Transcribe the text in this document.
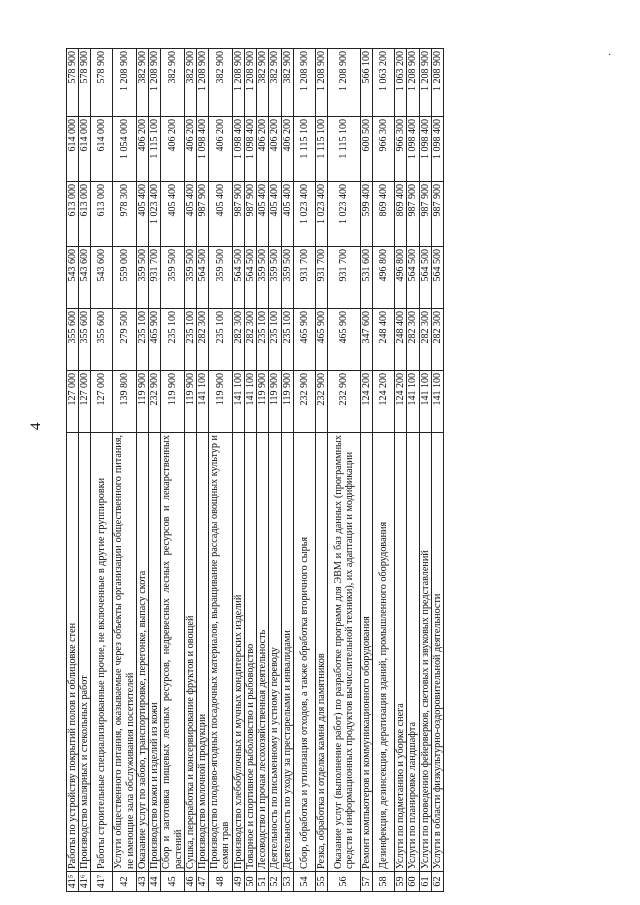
4
·
41⁵	Работы по устройству покрытий полов и облицовке стен	127 000	355 600	543 600	613 000	614 000	578 900
41⁶	Производство малярных и стекольных работ	127 000	355 600	543 600	613 000	614 000	578 900
41⁷	Работы строительные специализированные прочие, не включенные в другие группировки	127 000	355 600	543 600	613 000	614 000	578 900
42	Услуги общественного питания, оказываемые через объекты организации общественного питания, не имеющие зала обслуживания посетителей	139 800	279 500	559 000	978 300	1 054 000	1 208 900
43	Оказание услуг по забою, транспортировке, перегонке, выпасу скота	119 900	235 100	359 500	405 400	406 200	382 900
44	Производство кожи и изделий из кожи	232 900	465 900	931 700	1 023 400	1 115 100	1 208 900
45	Сбор и заготовка пищевых лесных ресурсов, недревесных лесных ресурсов и лекарственных растений	119 900	235 100	359 500	405 400	406 200	382 900
46	Сушка, переработка и консервирование фруктов и овощей	119 900	235 100	359 500	405 400	406 200	382 900
47	Производство молочной продукции	141 100	282 300	564 500	987 900	1 098 400	1 208 900
48	Производство плодово-ягодных посадочных материалов, выращивание рассады овощных культур и семян трав	119 900	235 100	359 500	405 400	406 200	382 900
49	Производство хлебобулочных и мучных кондитерских изделий	141 100	282 300	564 500	987 900	1 098 400	1 208 900
50	Товарное и спортивное рыболовство и рыбоводство	141 100	282 300	564 500	987 900	1 098 400	1 208 900
51	Лесоводство и прочая лесохозяйственная деятельность	119 900	235 100	359 500	405 400	406 200	382 900
52	Деятельность по письменному и устному переводу	119 900	235 100	359 500	405 400	406 200	382 900
53	Деятельность по уходу за престарелыми и инвалидами	119 900	235 100	359 500	405 400	406 200	382 900
54	Сбор, обработка и утилизация отходов, а также обработка вторичного сырья	232 900	465 900	931 700	1 023 400	1 115 100	1 208 900
55	Резка, обработка и отделка камня для памятников	232 900	465 900	931 700	1 023 400	1 115 100	1 208 900
56	Оказание услуг (выполнение работ) по разработке программ для ЭВМ и баз данных (программных средств и информационных продуктов вычислительной техники), их адаптации и модификации	232 900	465 900	931 700	1 023 400	1 115 100	1 208 900
57	Ремонт компьютеров и коммуникационного оборудования	124 200	347 600	531 600	599 400	600 500	566 100
58	Дезинфекция, дезинсекция, дератизация зданий, промышленного оборудования	124 200	248 400	496 800	869 400	966 300	1 063 200
59	Услуги по подметанию и уборке снега	124 200	248 400	496 800	869 400	966 300	1 063 200
60	Услуги по планировке ландшафта	141 100	282 300	564 500	987 900	1 098 400	1 208 900
61	Услуги по проведению фейерверков, световых и звуковых представлений	141 100	282 300	564 500	987 900	1 098 400	1 208 900
62	Услуги в области физкультурно-оздоровительной деятельности	141 100	282 300	564 500	987 900	1 098 400	1 208 900
